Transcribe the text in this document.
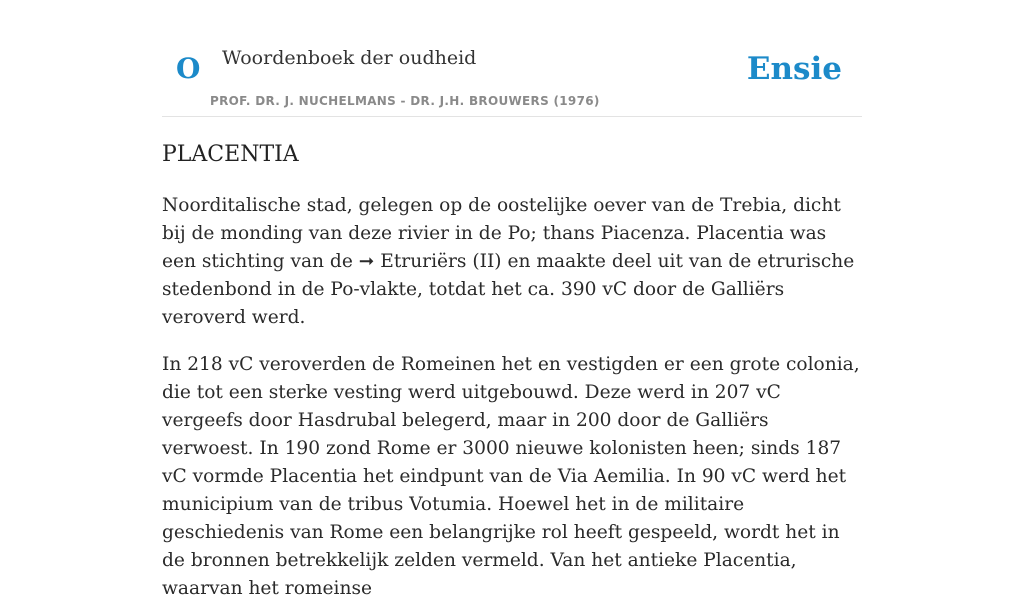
O Woordenboek der oudheid
PROF. DR. J. NUCHELMANS - DR. J.H. BROUWERS (1976)
Ensie
PLACENTIA

Noorditalische stad, gelegen op de oostelijke oever van de Trebia, dicht bij de monding van deze rivier in de Po; thans Piacenza. Placentia was een stichting van de ➞ Etruriërs (II) en maakte deel uit van de etrurische stedenbond in de Po-vlakte, totdat het ca. 390 vC door de Galliërs veroverd werd.

In 218 vC veroverden de Romeinen het en vestigden er een grote colonia, die tot een sterke vesting werd uitgebouwd. Deze werd in 207 vC vergeefs door Hasdrubal belegerd, maar in 200 door de Galliërs verwoest. In 190 zond Rome er 3000 nieuwe kolonisten heen; sinds 187 vC vormde Placentia het eindpunt van de Via Aemilia. In 90 vC werd het municipium van de tribus Votumia. Hoewel het in de militaire geschiedenis van Rome een belangrijke rol heeft gespeeld, wordt het in de bronnen betrekkelijk zelden vermeld. Van het antieke Placentia, waarvan het romeinse
